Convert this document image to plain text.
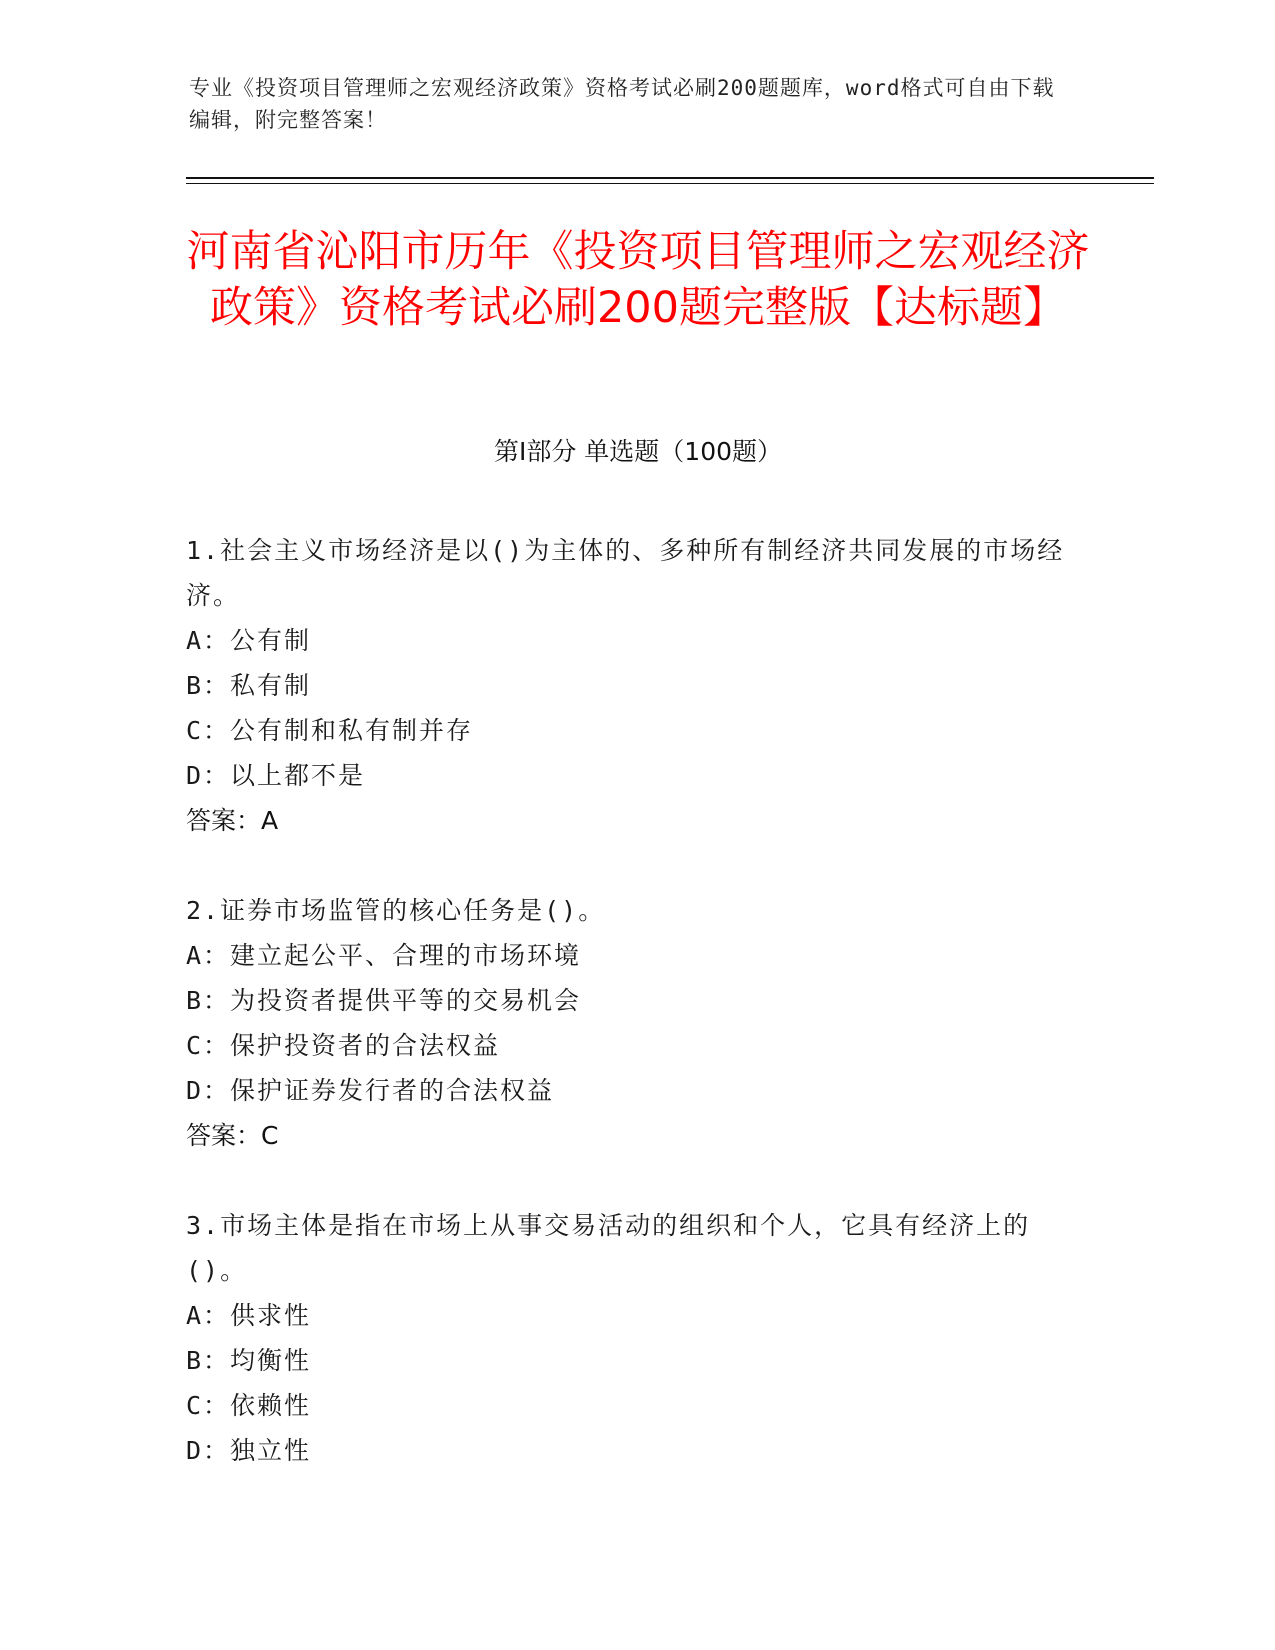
专业《投资项目管理师之宏观经济政策》资格考试必刷200题题库，word格式可自由下载编辑，附完整答案！
河南省沁阳市历年《投资项目管理师之宏观经济政策》资格考试必刷200题完整版【达标题】
第I部分 单选题（100题）
1.社会主义市场经济是以()为主体的、多种所有制经济共同发展的市场经济。
A：公有制
B：私有制
C：公有制和私有制并存
D：以上都不是
答案：A
2.证券市场监管的核心任务是()。
A：建立起公平、合理的市场环境
B：为投资者提供平等的交易机会
C：保护投资者的合法权益
D：保护证券发行者的合法权益
答案：C
3.市场主体是指在市场上从事交易活动的组织和个人，它具有经济上的()。
A：供求性
B：均衡性
C：依赖性
D：独立性
